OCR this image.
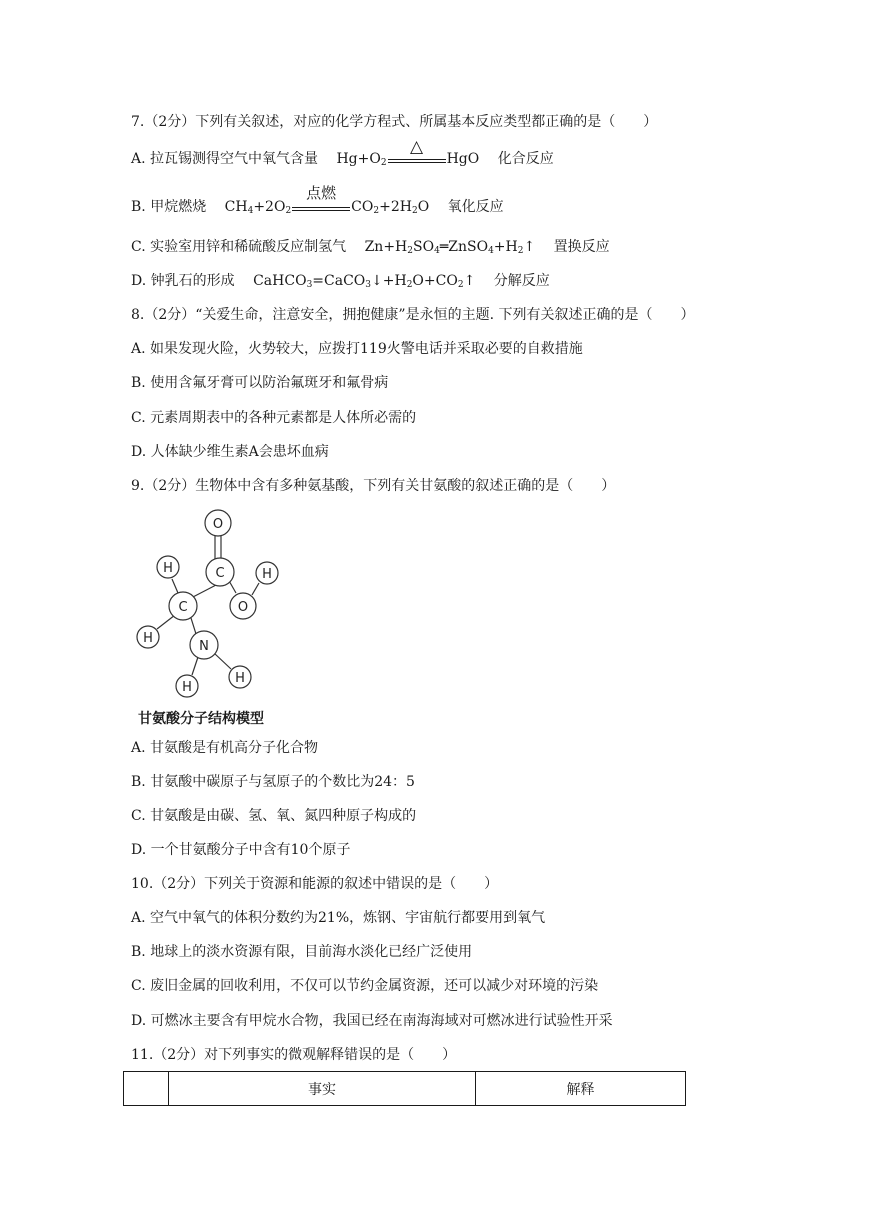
7.（2分）下列有关叙述，对应的化学方程式、所属基本反应类型都正确的是（　　）
A. 拉瓦锡测得空气中氧气含量 $Hg+O_2$
△
HgO 化合反应
B. 甲烷燃烧 $CH_4+2O_2$
点燃
$CO_2+2H_2O$ 氧化反应
C. 实验室用锌和稀硫酸反应制氢气 $Zn+H_2SO_4═ZnSO_4+H_2↑$ 置换反应
D. 钟乳石的形成 $CaHCO_3=CaCO_3↓+H_2O+CO_2↑$ 分解反应
8.（2分）“关爱生命，注意安全，拥抱健康”是永恒的主题. 下列有关叙述正确的是（　　）
A. 如果发现火险，火势较大，应拨打119火警电话并采取必要的自救措施
B. 使用含氟牙膏可以防治氟斑牙和氟骨病
C. 元素周期表中的各种元素都是人体所必需的
D. 人体缺少维生素A会患坏血病
9.（2分）生物体中含有多种氨基酸，下列有关甘氨酸的叙述正确的是（　　）
O
H	C	H
C	O
H
N
H
H
甘氨酸分子结构模型
A. 甘氨酸是有机高分子化合物
B. 甘氨酸中碳原子与氢原子的个数比为24：5
C. 甘氨酸是由碳、氢、氧、氮四种原子构成的
D. 一个甘氨酸分子中含有10个原子
10.（2分）下列关于资源和能源的叙述中错误的是（　　）
A. 空气中氧气的体积分数约为21%，炼钢、宇宙航行都要用到氧气
B. 地球上的淡水资源有限，目前海水淡化已经广泛使用
C. 废旧金属的回收利用，不仅可以节约金属资源，还可以减少对环境的污染
D. 可燃冰主要含有甲烷水合物，我国已经在南海海域对可燃冰进行试验性开采
11.（2分）对下列事实的微观解释错误的是（　　）
	事实	解释
